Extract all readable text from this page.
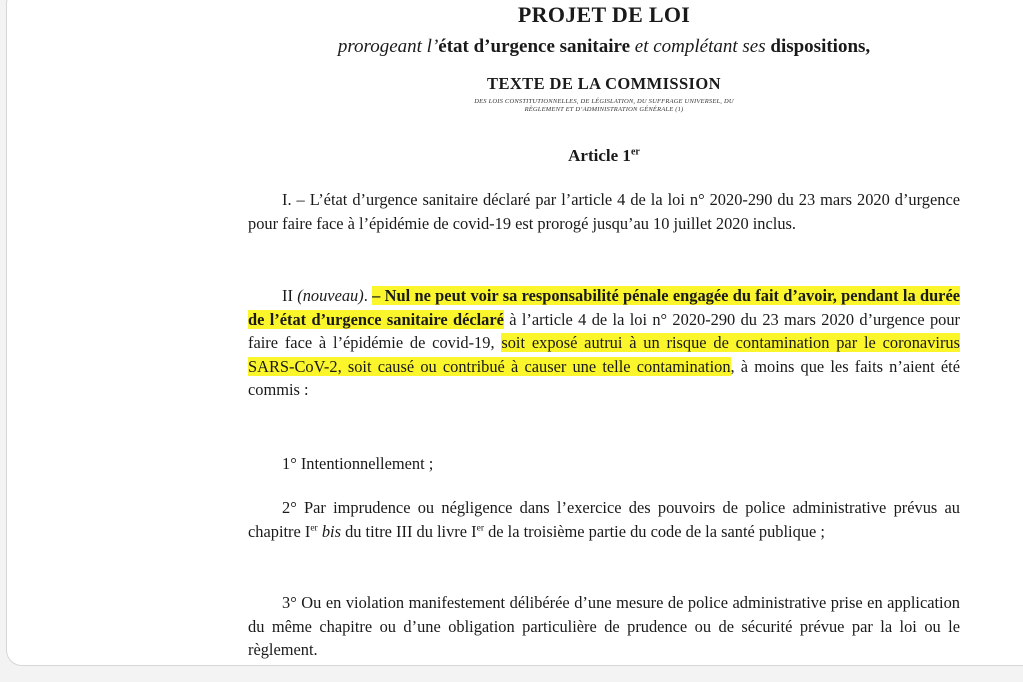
PROJET DE LOI
prorogeant l’état d’urgence sanitaire et complétant ses dispositions,
TEXTE DE LA COMMISSION
DES LOIS CONSTITUTIONNELLES, DE LÉGISLATION, DU SUFFRAGE UNIVERSEL, DU
RÈGLEMENT ET D’ADMINISTRATION GÉNÉRALE (1)
Article 1er
I. – L’état d’urgence sanitaire déclaré par l’article 4 de la loi n° 2020-290 du 23 mars 2020 d’urgence pour faire face à l’épidémie de covid-19 est prorogé jusqu’au 10 juillet 2020 inclus.
II (nouveau). – Nul ne peut voir sa responsabilité pénale engagée du fait d’avoir, pendant la durée de l’état d’urgence sanitaire déclaré à l’article 4 de la loi n° 2020-290 du 23 mars 2020 d’urgence pour faire face à l’épidémie de covid-19, soit exposé autrui à un risque de contamination par le coronavirus SARS-CoV-2, soit causé ou contribué à causer une telle contamination, à moins que les faits n’aient été commis :
1° Intentionnellement ;
2° Par imprudence ou négligence dans l’exercice des pouvoirs de police administrative prévus au chapitre Ier bis du titre III du livre Ier de la troisième partie du code de la santé publique ;
3° Ou en violation manifestement délibérée d’une mesure de police administrative prise en application du même chapitre ou d’une obligation particulière de prudence ou de sécurité prévue par la loi ou le règlement.
